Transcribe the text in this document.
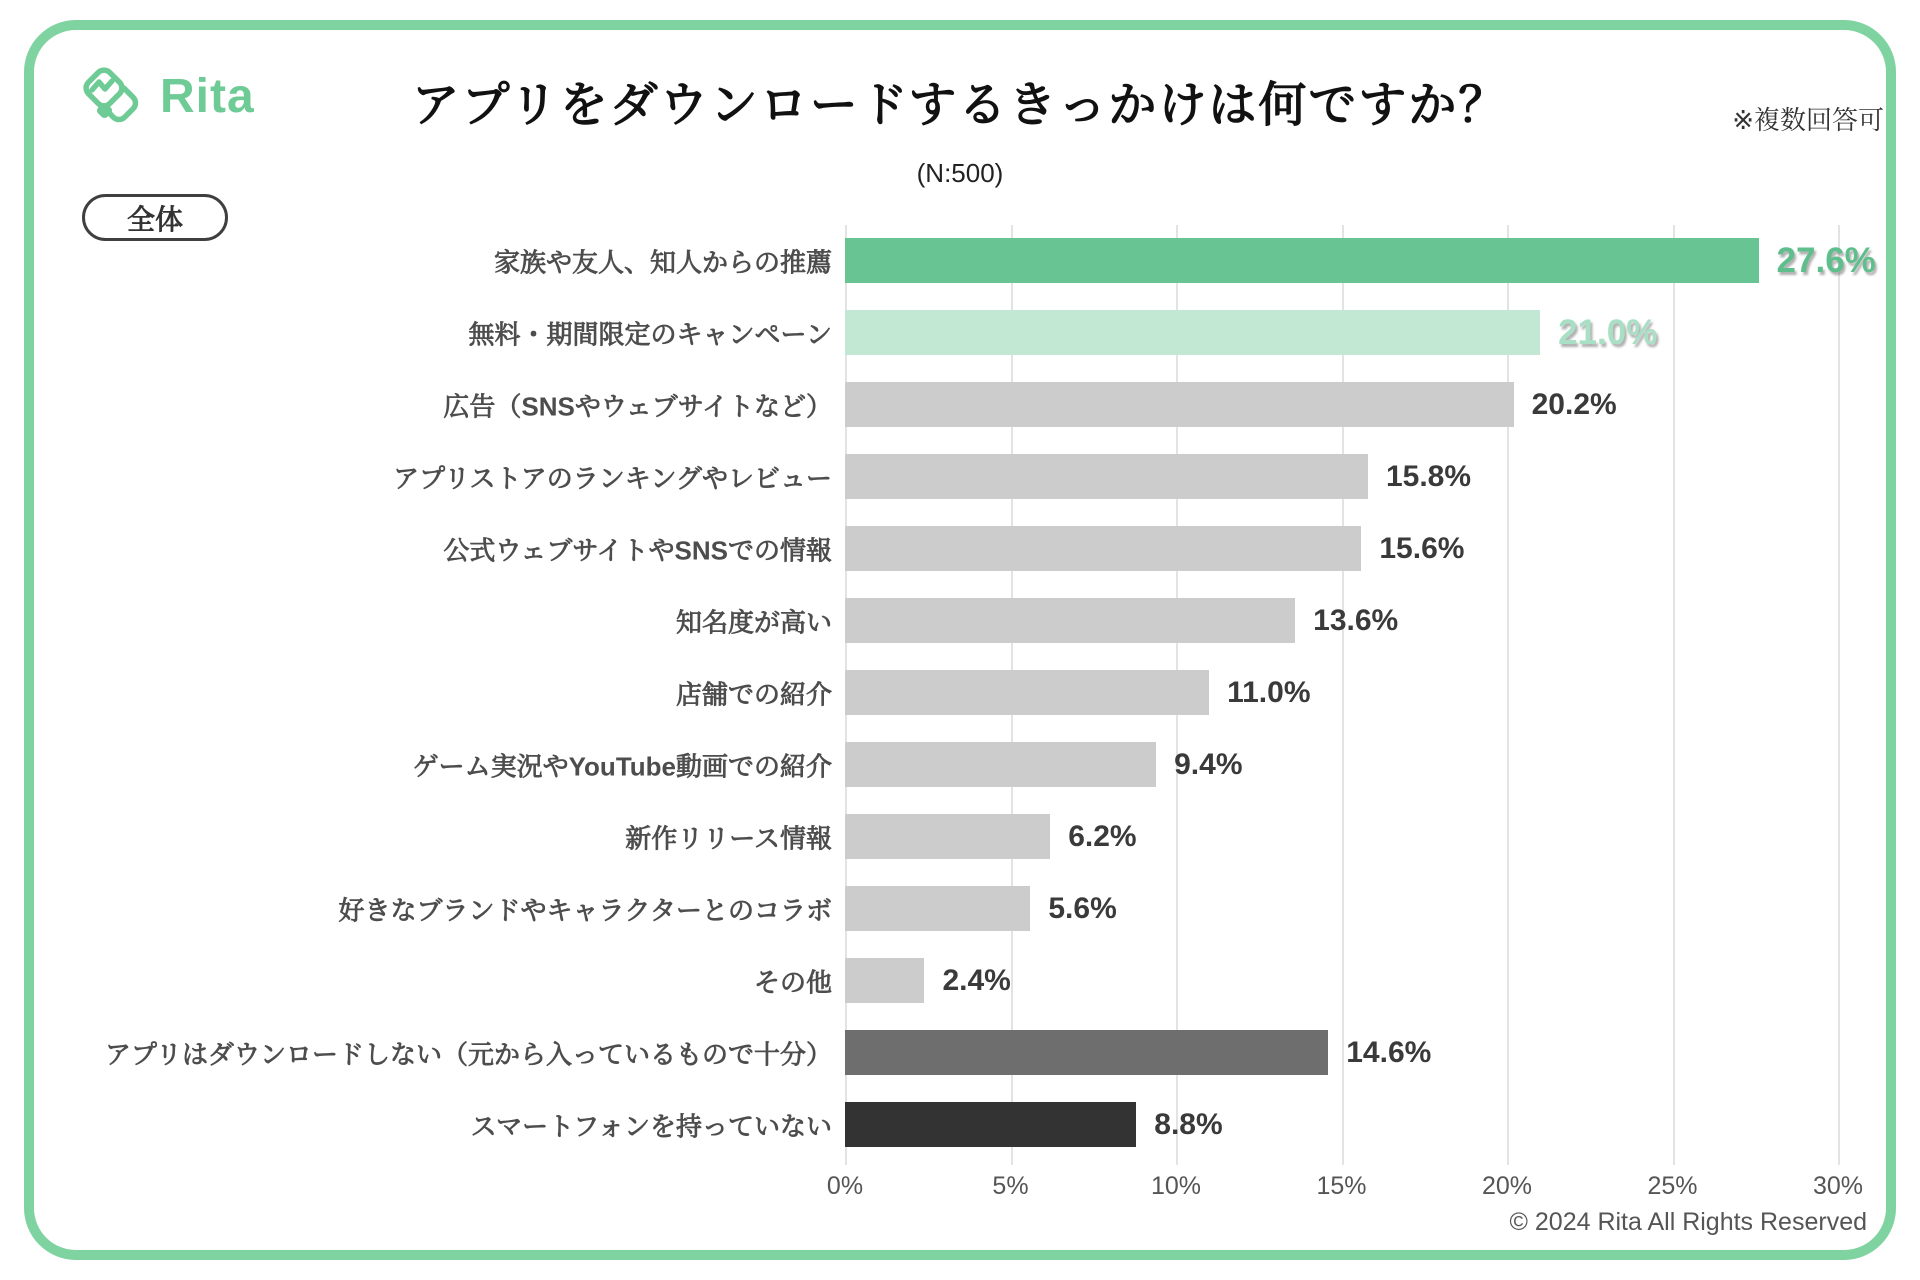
Rita	アプリをダウンロードするきっかけは何ですか？
(N:500)
※複数回答可
全体
家族や友人、知人からの推薦	27.6%
無料・期間限定のキャンペーン	21.0%
広告（SNSやウェブサイトなど）	20.2%
アプリストアのランキングやレビュー	15.8%
公式ウェブサイトやSNSでの情報	15.6%
知名度が高い	13.6%
店舗での紹介	11.0%
ゲーム実況やYouTube動画での紹介	9.4%
新作リリース情報	6.2%
好きなブランドやキャラクターとのコラボ	5.6%
その他	2.4%
アプリはダウンロードしない（元から入っているもので十分）	14.6%
スマートフォンを持っていない	8.8%
0%	5%	10%	15%	20%	25%	30%
© 2024 Rita All Rights Reserved
